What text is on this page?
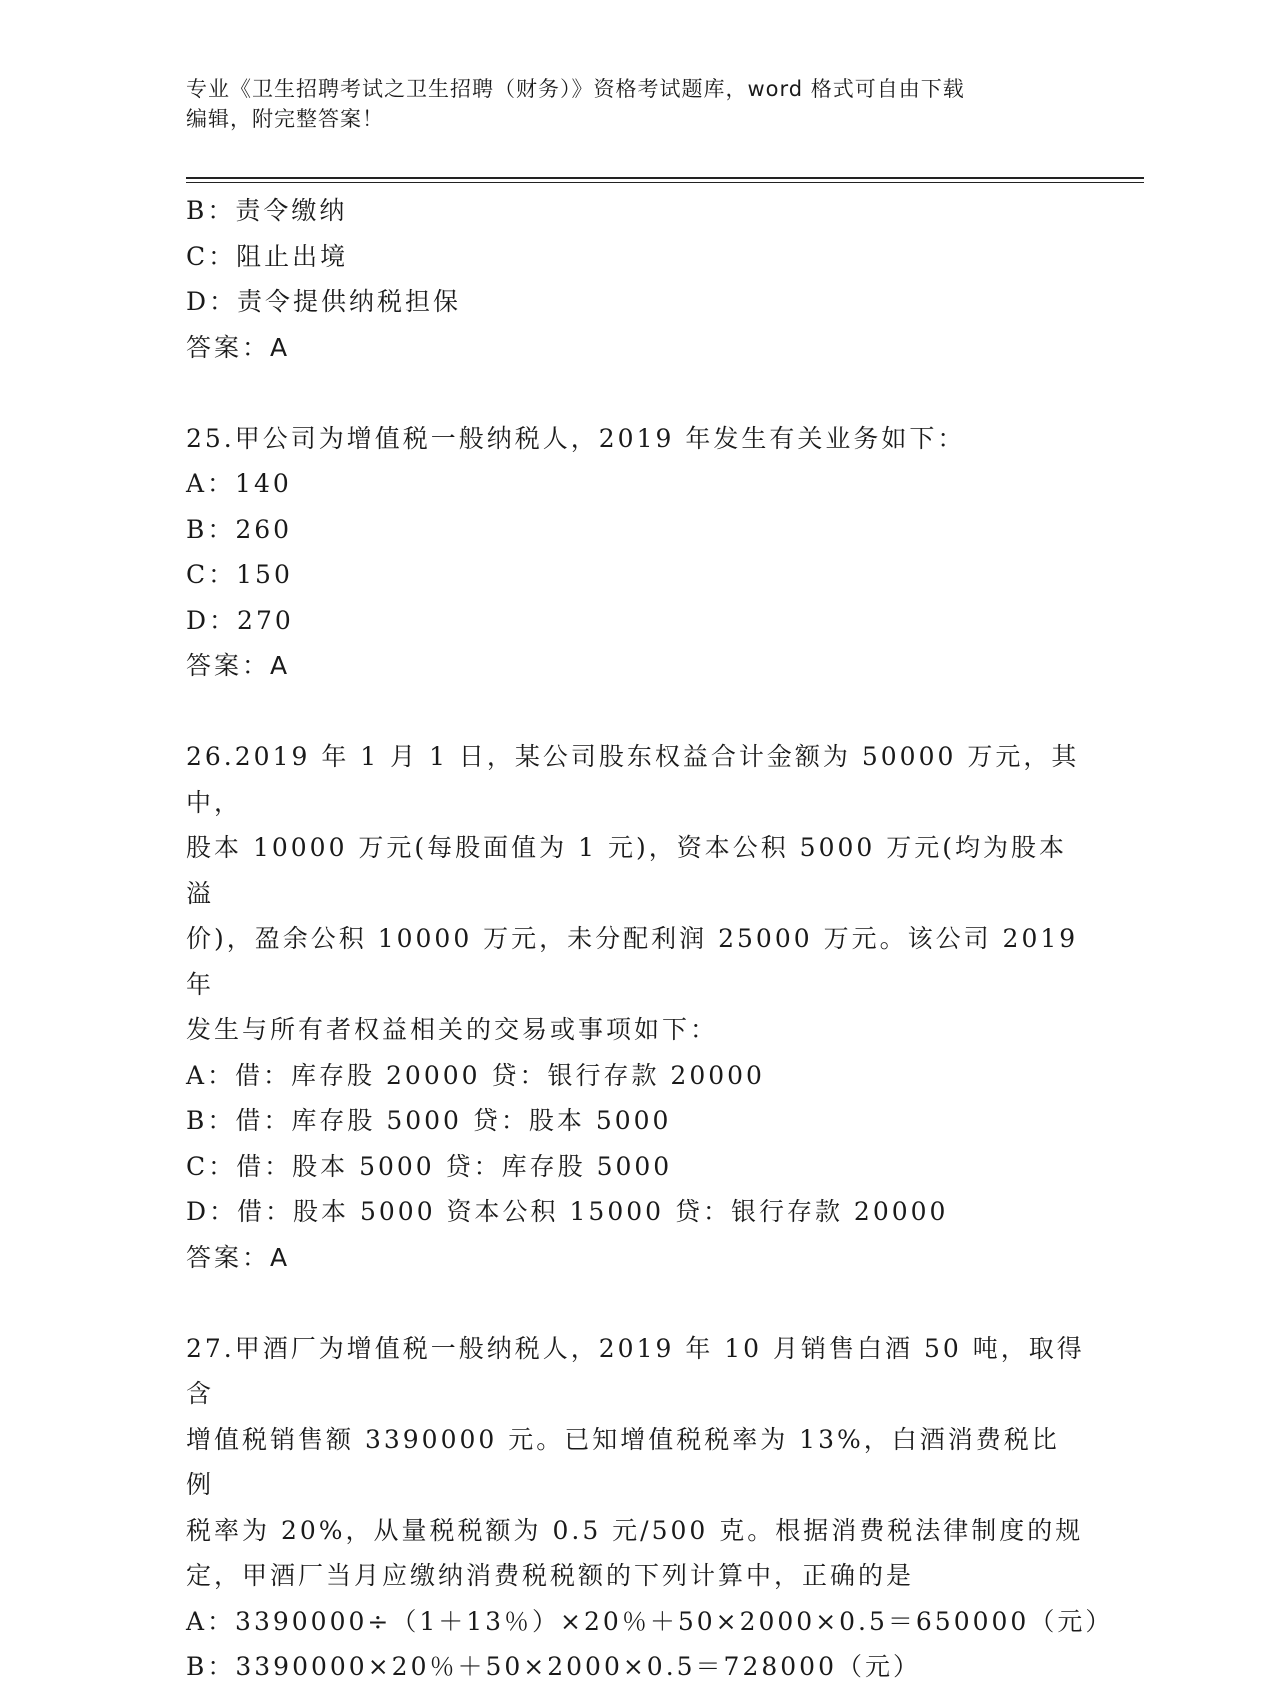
专业《卫生招聘考试之卫生招聘（财务）》资格考试题库，word 格式可自由下载
编辑，附完整答案！
B：责令缴纳
C：阻止出境
D：责令提供纳税担保
答案：A
25.甲公司为增值税一般纳税人，2019 年发生有关业务如下：
A：140
B：260
C：150
D：270
答案：A
26.2019 年 1 月 1 日，某公司股东权益合计金额为 50000 万元，其中，
股本 10000 万元(每股面值为 1 元)，资本公积 5000 万元(均为股本溢
价)，盈余公积 10000 万元，未分配利润 25000 万元。该公司 2019 年
发生与所有者权益相关的交易或事项如下：
A：借：库存股 20000 贷：银行存款 20000
B：借：库存股 5000 贷：股本 5000
C：借：股本 5000 贷：库存股 5000
D：借：股本 5000 资本公积 15000 贷：银行存款 20000
答案：A
27.甲酒厂为增值税一般纳税人，2019 年 10 月销售白酒 50 吨，取得含
增值税销售额 3390000 元。已知增值税税率为 13%，白酒消费税比例
税率为 20%，从量税税额为 0.5 元/500 克。根据消费税法律制度的规
定，甲酒厂当月应缴纳消费税税额的下列计算中，正确的是
A：3390000÷（1＋13％）×20％＋50×2000×0.5＝650000（元）
B：3390000×20％＋50×2000×0.5＝728000（元）
